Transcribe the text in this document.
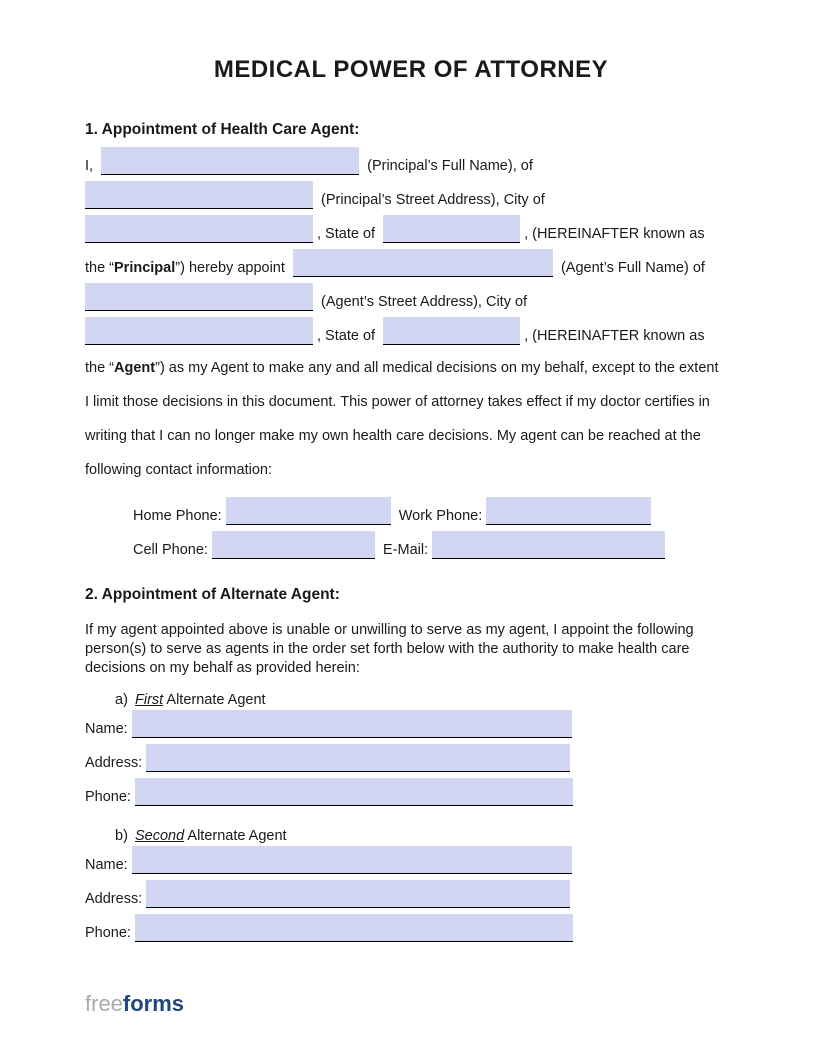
MEDICAL POWER OF ATTORNEY
1. Appointment of Health Care Agent:
I,	(Principal’s Full Name), of
(Principal’s Street Address), City of
, State of	, (HEREINAFTER known as
the “Principal”) hereby appoint	(Agent’s Full Name) of
(Agent’s Street Address), City of
, State of	, (HEREINAFTER known as
the “Agent”) as my Agent to make any and all medical decisions on my behalf, except to the extent
I limit those decisions in this document. This power of attorney takes effect if my doctor certifies in
writing that I can no longer make my own health care decisions. My agent can be reached at the
following contact information:
Home Phone:	Work Phone:
Cell Phone:	E-Mail:
2. Appointment of Alternate Agent:
If my agent appointed above is unable or unwilling to serve as my agent, I appoint the following
person(s) to serve as agents in the order set forth below with the authority to make health care
decisions on my behalf as provided herein:
a) First Alternate Agent
Name:
Address:
Phone:
b) Second Alternate Agent
Name:
Address:
Phone:
freeforms
